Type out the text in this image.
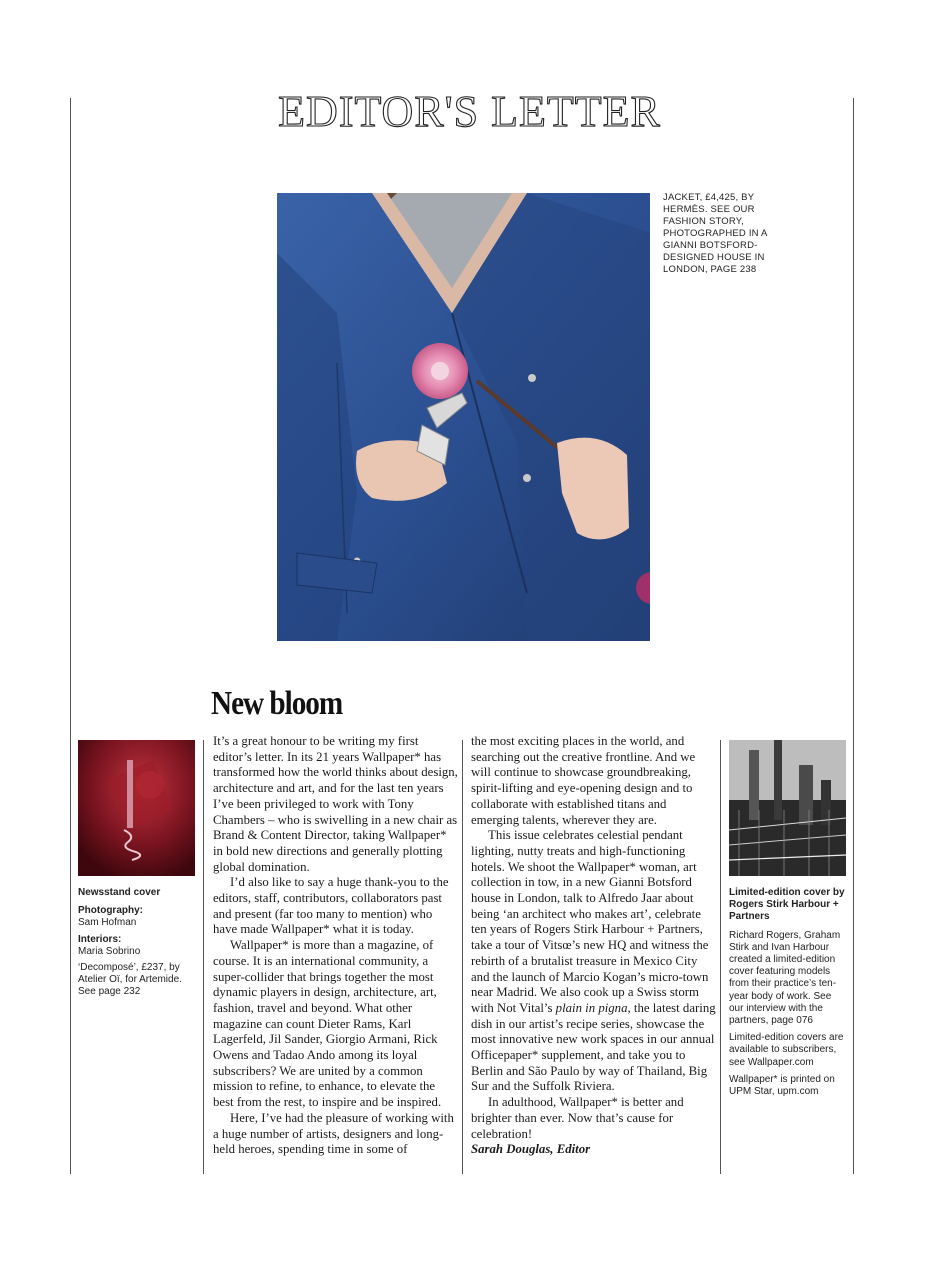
EDITOR'S LETTER
JACKET, £4,425, BY HERMÈS. SEE OUR FASHION STORY, PHOTOGRAPHED IN A GIANNI BOTSFORD-DESIGNED HOUSE IN LONDON, PAGE 238
New bloom

Newsstand cover

Photography:
Sam Hofman

Interiors:
Maria Sobrino

‘Decomposé’, £237, by Atelier Oï, for Artemide. See page 232

It’s a great honour to be writing my first editor’s letter. In its 21 years Wallpaper* has transformed how the world thinks about design, architecture and art, and for the last ten years I’ve been privileged to work with Tony Chambers – who is swivelling in a new chair as Brand & Content Director, taking Wallpaper* in bold new directions and generally plotting global domination.

I’d also like to say a huge thank-you to the editors, staff, contributors, collaborators past and present (far too many to mention) who have made Wallpaper* what it is today.

Wallpaper* is more than a magazine, of course. It is an international community, a super-collider that brings together the most dynamic players in design, architecture, art, fashion, travel and beyond. What other magazine can count Dieter Rams, Karl Lagerfeld, Jil Sander, Giorgio Armani, Rick Owens and Tadao Ando among its loyal subscribers? We are united by a common mission to refine, to enhance, to elevate the best from the rest, to inspire and be inspired.

Here, I’ve had the pleasure of working with a huge number of artists, designers and long-held heroes, spending time in some of

the most exciting places in the world, and searching out the creative frontline. And we will continue to showcase groundbreaking, spirit-lifting and eye-opening design and to collaborate with established titans and emerging talents, wherever they are.

This issue celebrates celestial pendant lighting, nutty treats and high-functioning hotels. We shoot the Wallpaper* woman, art collection in tow, in a new Gianni Botsford house in London, talk to Alfredo Jaar about being ‘an architect who makes art’, celebrate ten years of Rogers Stirk Harbour + Partners, take a tour of Vitsœ’s new HQ and witness the rebirth of a brutalist treasure in Mexico City and the launch of Marcio Kogan’s micro-town near Madrid. We also cook up a Swiss storm with Not Vital’s plain in pigna, the latest daring dish in our artist’s recipe series, showcase the most innovative new work spaces in our annual Officepaper* supplement, and take you to Berlin and São Paulo by way of Thailand, Big Sur and the Suffolk Riviera.

In adulthood, Wallpaper* is better and brighter than ever. Now that’s cause for celebration!

Sarah Douglas, Editor

Limited-edition cover by Rogers Stirk Harbour + Partners

Richard Rogers, Graham Stirk and Ivan Harbour created a limited-edition cover featuring models from their practice’s ten-year body of work. See our interview with the partners, page 076

Limited-edition covers are available to subscribers, see Wallpaper.com

Wallpaper* is printed on UPM Star, upm.com
